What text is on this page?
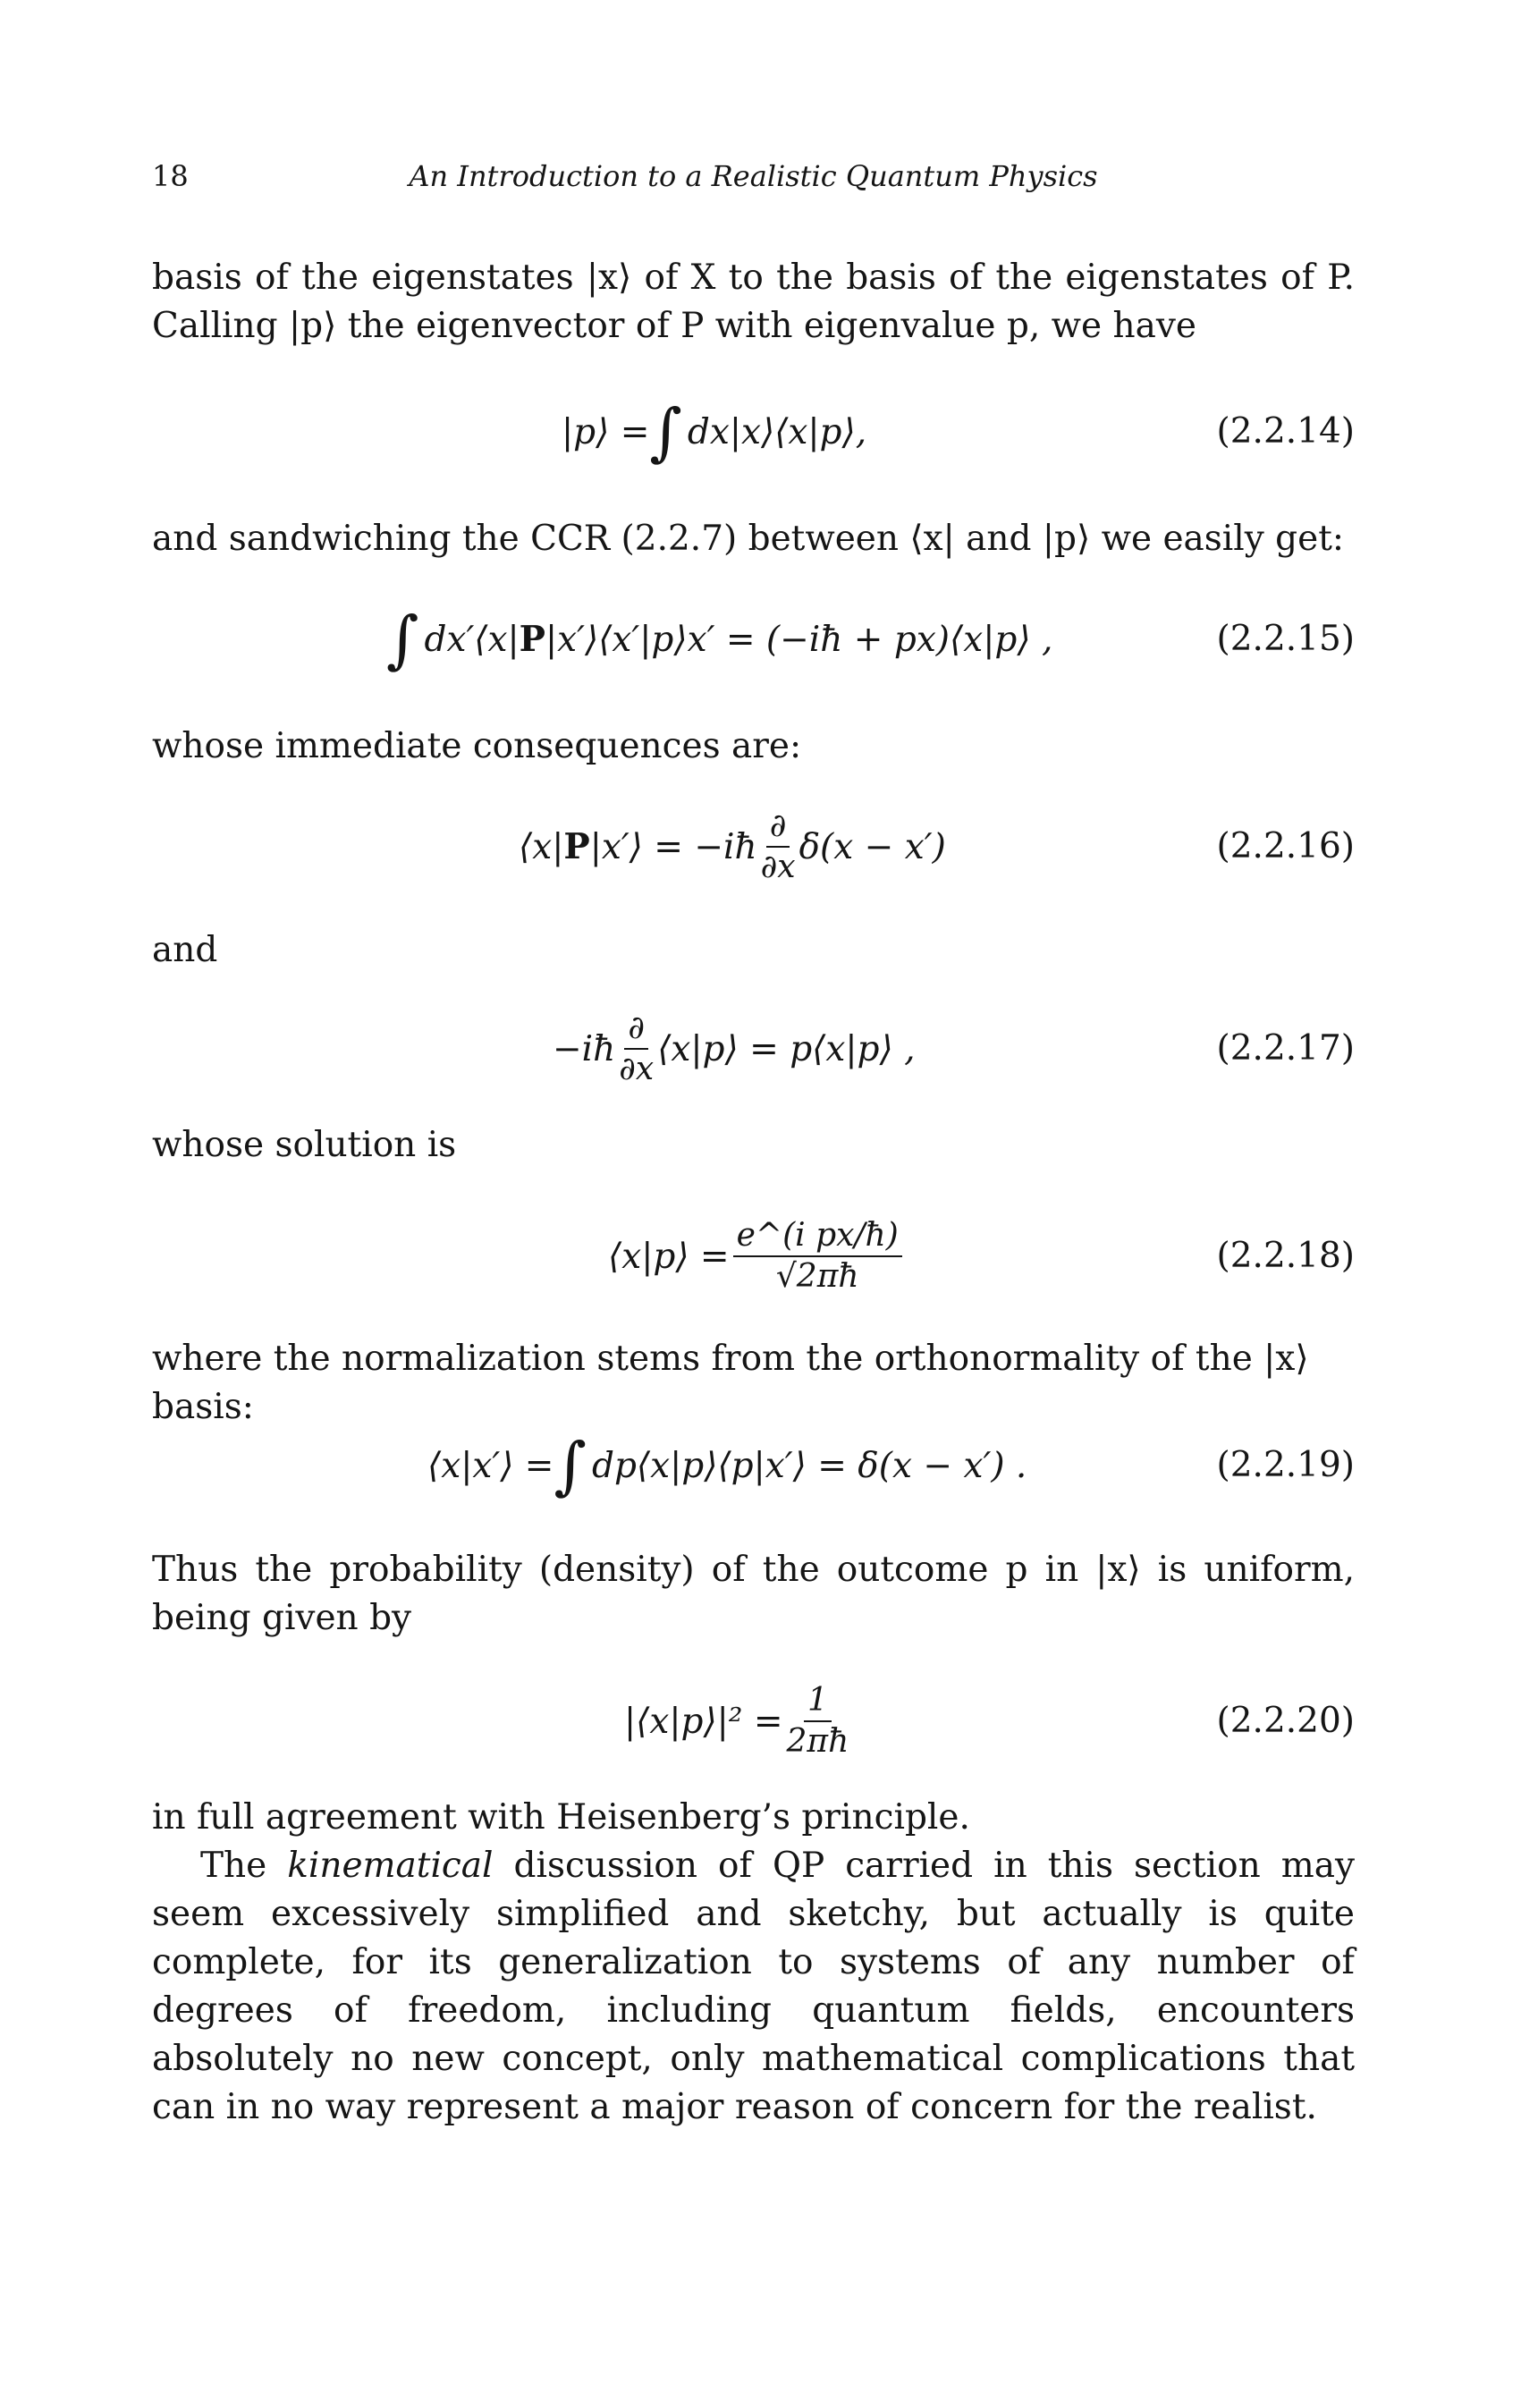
18	An Introduction to a Realistic Quantum Physics

basis of the eigenstates |x⟩ of X to the basis of the eigenstates of P. Calling |p⟩ the eigenvector of P with eigenvalue p, we have

|p⟩ = ∫ dx|x⟩⟨x|p⟩,	(2.2.14)

and sandwiching the CCR (2.2.7) between ⟨x| and |p⟩ we easily get:

∫ dx′⟨x| P |x′⟩⟨x′|p⟩x′ = (−iħ + px)⟨x|p⟩ ,	(2.2.15)

whose immediate consequences are:

⟨x| P |x′⟩ = −iħ $\frac{\partial}{\partial x} \delta(x - x')$	(2.2.16)

and

−iħ $\frac{\partial}{\partial x}$ ⟨x|p⟩ = p⟨x|p⟩ ,	(2.2.17)

whose solution is

⟨x|p⟩ = $\frac{\text{e\textasciicircum{}(i px/ħ)}}{√2\pi ħ}$	(2.2.18)

where the normalization stems from the orthonormality of the |x⟩ basis:

⟨x|x′⟩ = ∫ dp⟨x|p⟩⟨p|x′⟩ = δ(x − x′) .	(2.2.19)

Thus the probability (density) of the outcome p in |x⟩ is uniform, being given by

|⟨x|p⟩|² = $\frac{1}{2\pi ħ}$	(2.2.20)

in full agreement with Heisenberg’s principle.

The kinematical discussion of QP carried in this section may seem excessively simplified and sketchy, but actually is quite complete, for its generalization to systems of any number of degrees of freedom, including quantum fields, encounters absolutely no new concept, only mathematical complications that can in no way represent a major reason of concern for the realist.
